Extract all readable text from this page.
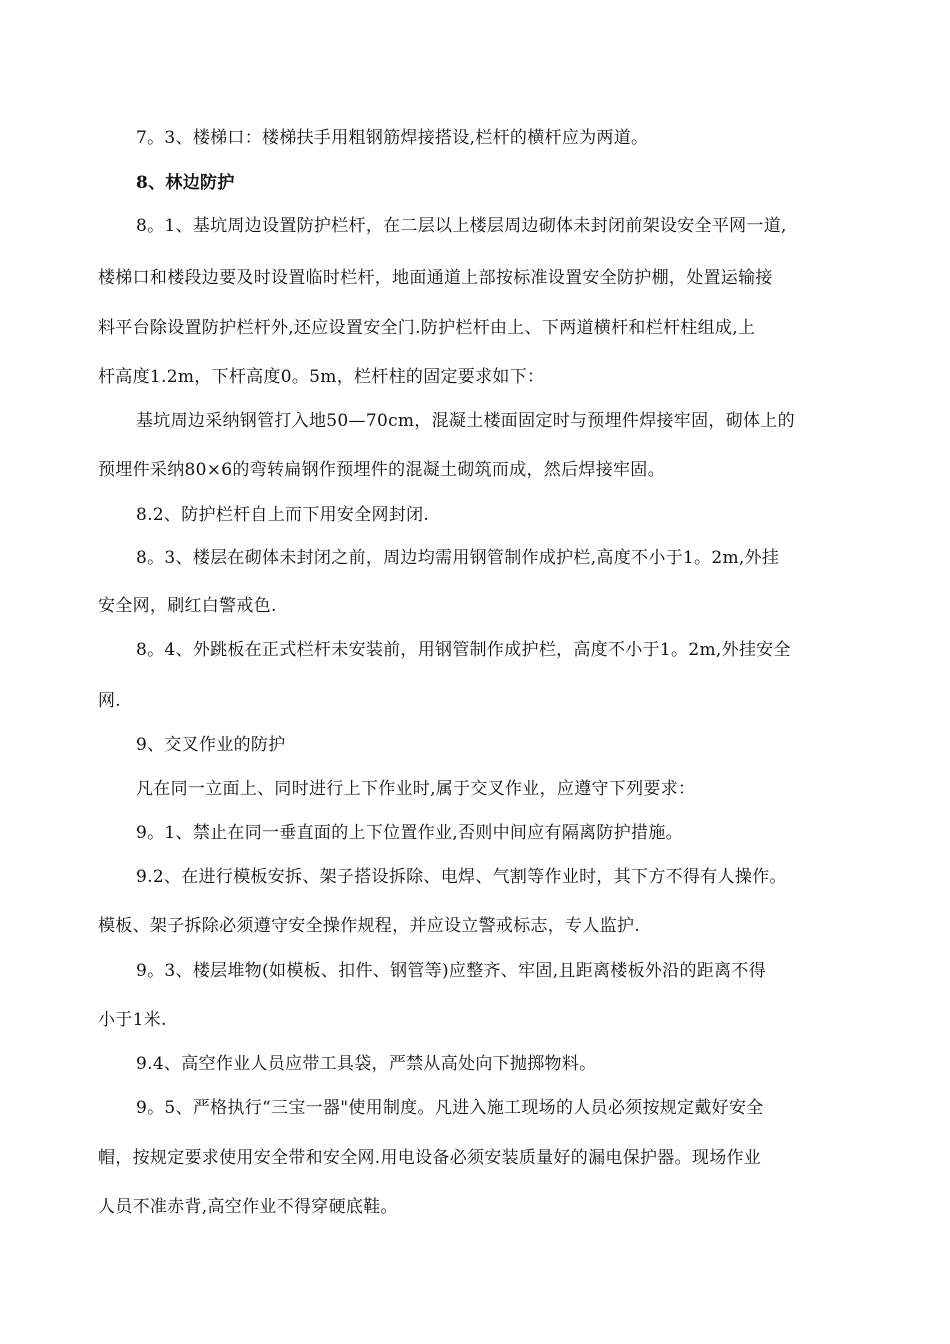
7。3、楼梯口：楼梯扶手用粗钢筋焊接搭设,栏杆的横杆应为两道。
8、林边防护
8。1、基坑周边设置防护栏杆，在二层以上楼层周边砌体未封闭前架设安全平网一道,
楼梯口和楼段边要及时设置临时栏杆，地面通道上部按标准设置安全防护棚，处置运输接
料平台除设置防护栏杆外,还应设置安全门.防护栏杆由上、下两道横杆和栏杆柱组成,上
杆高度1.2m，下杆高度0。5m，栏杆柱的固定要求如下：
基坑周边采纳钢管打入地50—70cm，混凝土楼面固定时与预埋件焊接牢固，砌体上的
预埋件采纳80×6的弯转扁钢作预埋件的混凝土砌筑而成，然后焊接牢固。
8.2、防护栏杆自上而下用安全网封闭.
8。3、楼层在砌体未封闭之前，周边均需用钢管制作成护栏,高度不小于1。2m,外挂
安全网，刷红白警戒色.
8。4、外跳板在正式栏杆未安装前，用钢管制作成护栏，高度不小于1。2m,外挂安全
网.
9、交叉作业的防护
凡在同一立面上、同时进行上下作业时,属于交叉作业，应遵守下列要求：
9。1、禁止在同一垂直面的上下位置作业,否则中间应有隔离防护措施。
9.2、在进行模板安拆、架子搭设拆除、电焊、气割等作业时，其下方不得有人操作。
模板、架子拆除必须遵守安全操作规程，并应设立警戒标志，专人监护.
9。3、楼层堆物(如模板、扣件、钢管等)应整齐、牢固,且距离楼板外沿的距离不得
小于1米.
9.4、高空作业人员应带工具袋，严禁从高处向下抛掷物料。
9。5、严格执行“三宝一器"使用制度。凡进入施工现场的人员必须按规定戴好安全
帽，按规定要求使用安全带和安全网.用电设备必须安装质量好的漏电保护器。现场作业
人员不准赤背,高空作业不得穿硬底鞋。
